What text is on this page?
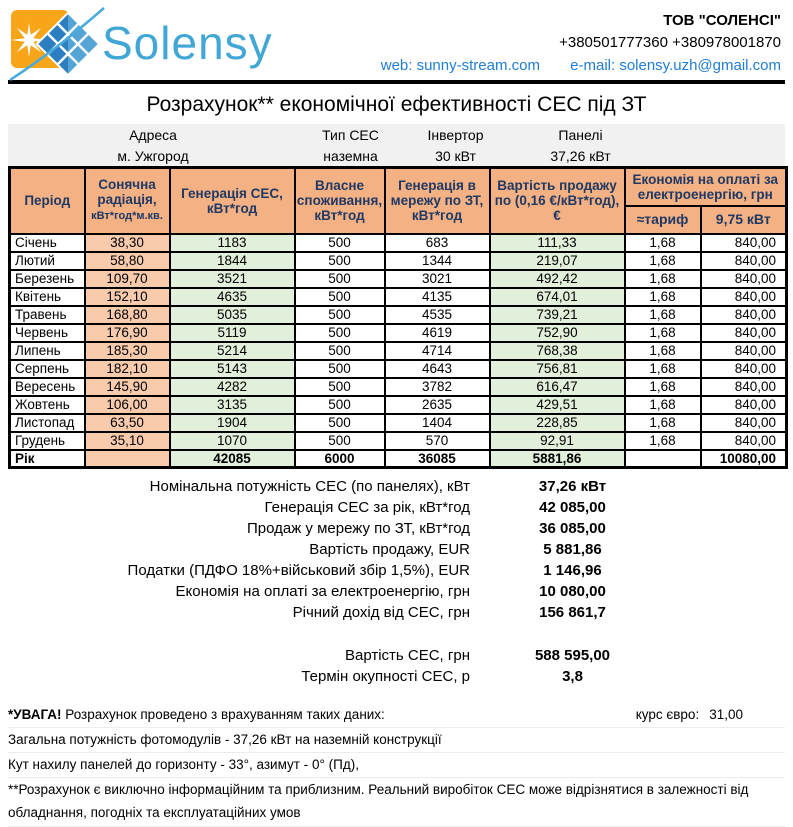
Solensy	ТОВ "СОЛЕНСІ"
+380501777360 +380978001870
web: sunny-stream.com e-mail: solensy.uzh@gmail.com
Розрахунок** економічної ефективності СЕС під ЗТ
Адреса	Тип СЕС	Інвертор	Панелі
м. Ужгород	наземна	30 кВт	37,26 кВт
Період	Сонячна радіація,
кВт*год*м.кв.	Генерація СЕС, кВт*год	Власне споживання, кВт*год	Генерація в мережу по ЗТ, кВт*год	Вартість продажу по (0,16 €/кВт*год), €	Економія на оплаті за електроенергію, грн	
						≈тариф	9,75 кВт
Січень	38,30	1183	500	683	111,33	1,68	840,00
Лютий	58,80	1844	500	1344	219,07	1,68	840,00
Березень	109,70	3521	500	3021	492,42	1,68	840,00
Квітень	152,10	4635	500	4135	674,01	1,68	840,00
Травень	168,80	5035	500	4535	739,21	1,68	840,00
Червень	176,90	5119	500	4619	752,90	1,68	840,00
Липень	185,30	5214	500	4714	768,38	1,68	840,00
Серпень	182,10	5143	500	4643	756,81	1,68	840,00
Вересень	145,90	4282	500	3782	616,47	1,68	840,00
Жовтень	106,00	3135	500	2635	429,51	1,68	840,00
Листопад	63,50	1904	500	1404	228,85	1,68	840,00
Грудень	35,10	1070	500	570	92,91	1,68	840,00
Рік		42085	6000	36085	5881,86		10080,00
Номінальна потужність СЕС (по панелях), кВт	37,26 кВт
Генерація СЕС за рік, кВт*год	42 085,00
Продаж у мережу по ЗТ, кВт*год	36 085,00
Вартість продажу, EUR	5 881,86
Податки (ПДФО 18%+військовий збір 1,5%), EUR	1 146,96
Економія на оплаті за електроенергію, грн	10 080,00
Річний дохід від СЕС, грн	156 861,7
Вартість СЕС, грн	588 595,00
Термін окупності СЕС, р	3,8
*УВАГА! Розрахунок проведено з врахуванням таких даних:	курс євро: 31,00
Загальна потужність фотомодулів - 37,26 кВт на наземній конструкції
Кут нахилу панелей до горизонту - 33°, азимут - 0° (Пд),
**Розрахунок є виключно інформаційним та приблизним. Реальний виробіток СЕС може відрізнятися в залежності від обладнання, погодніх та експлуатаційних умов
